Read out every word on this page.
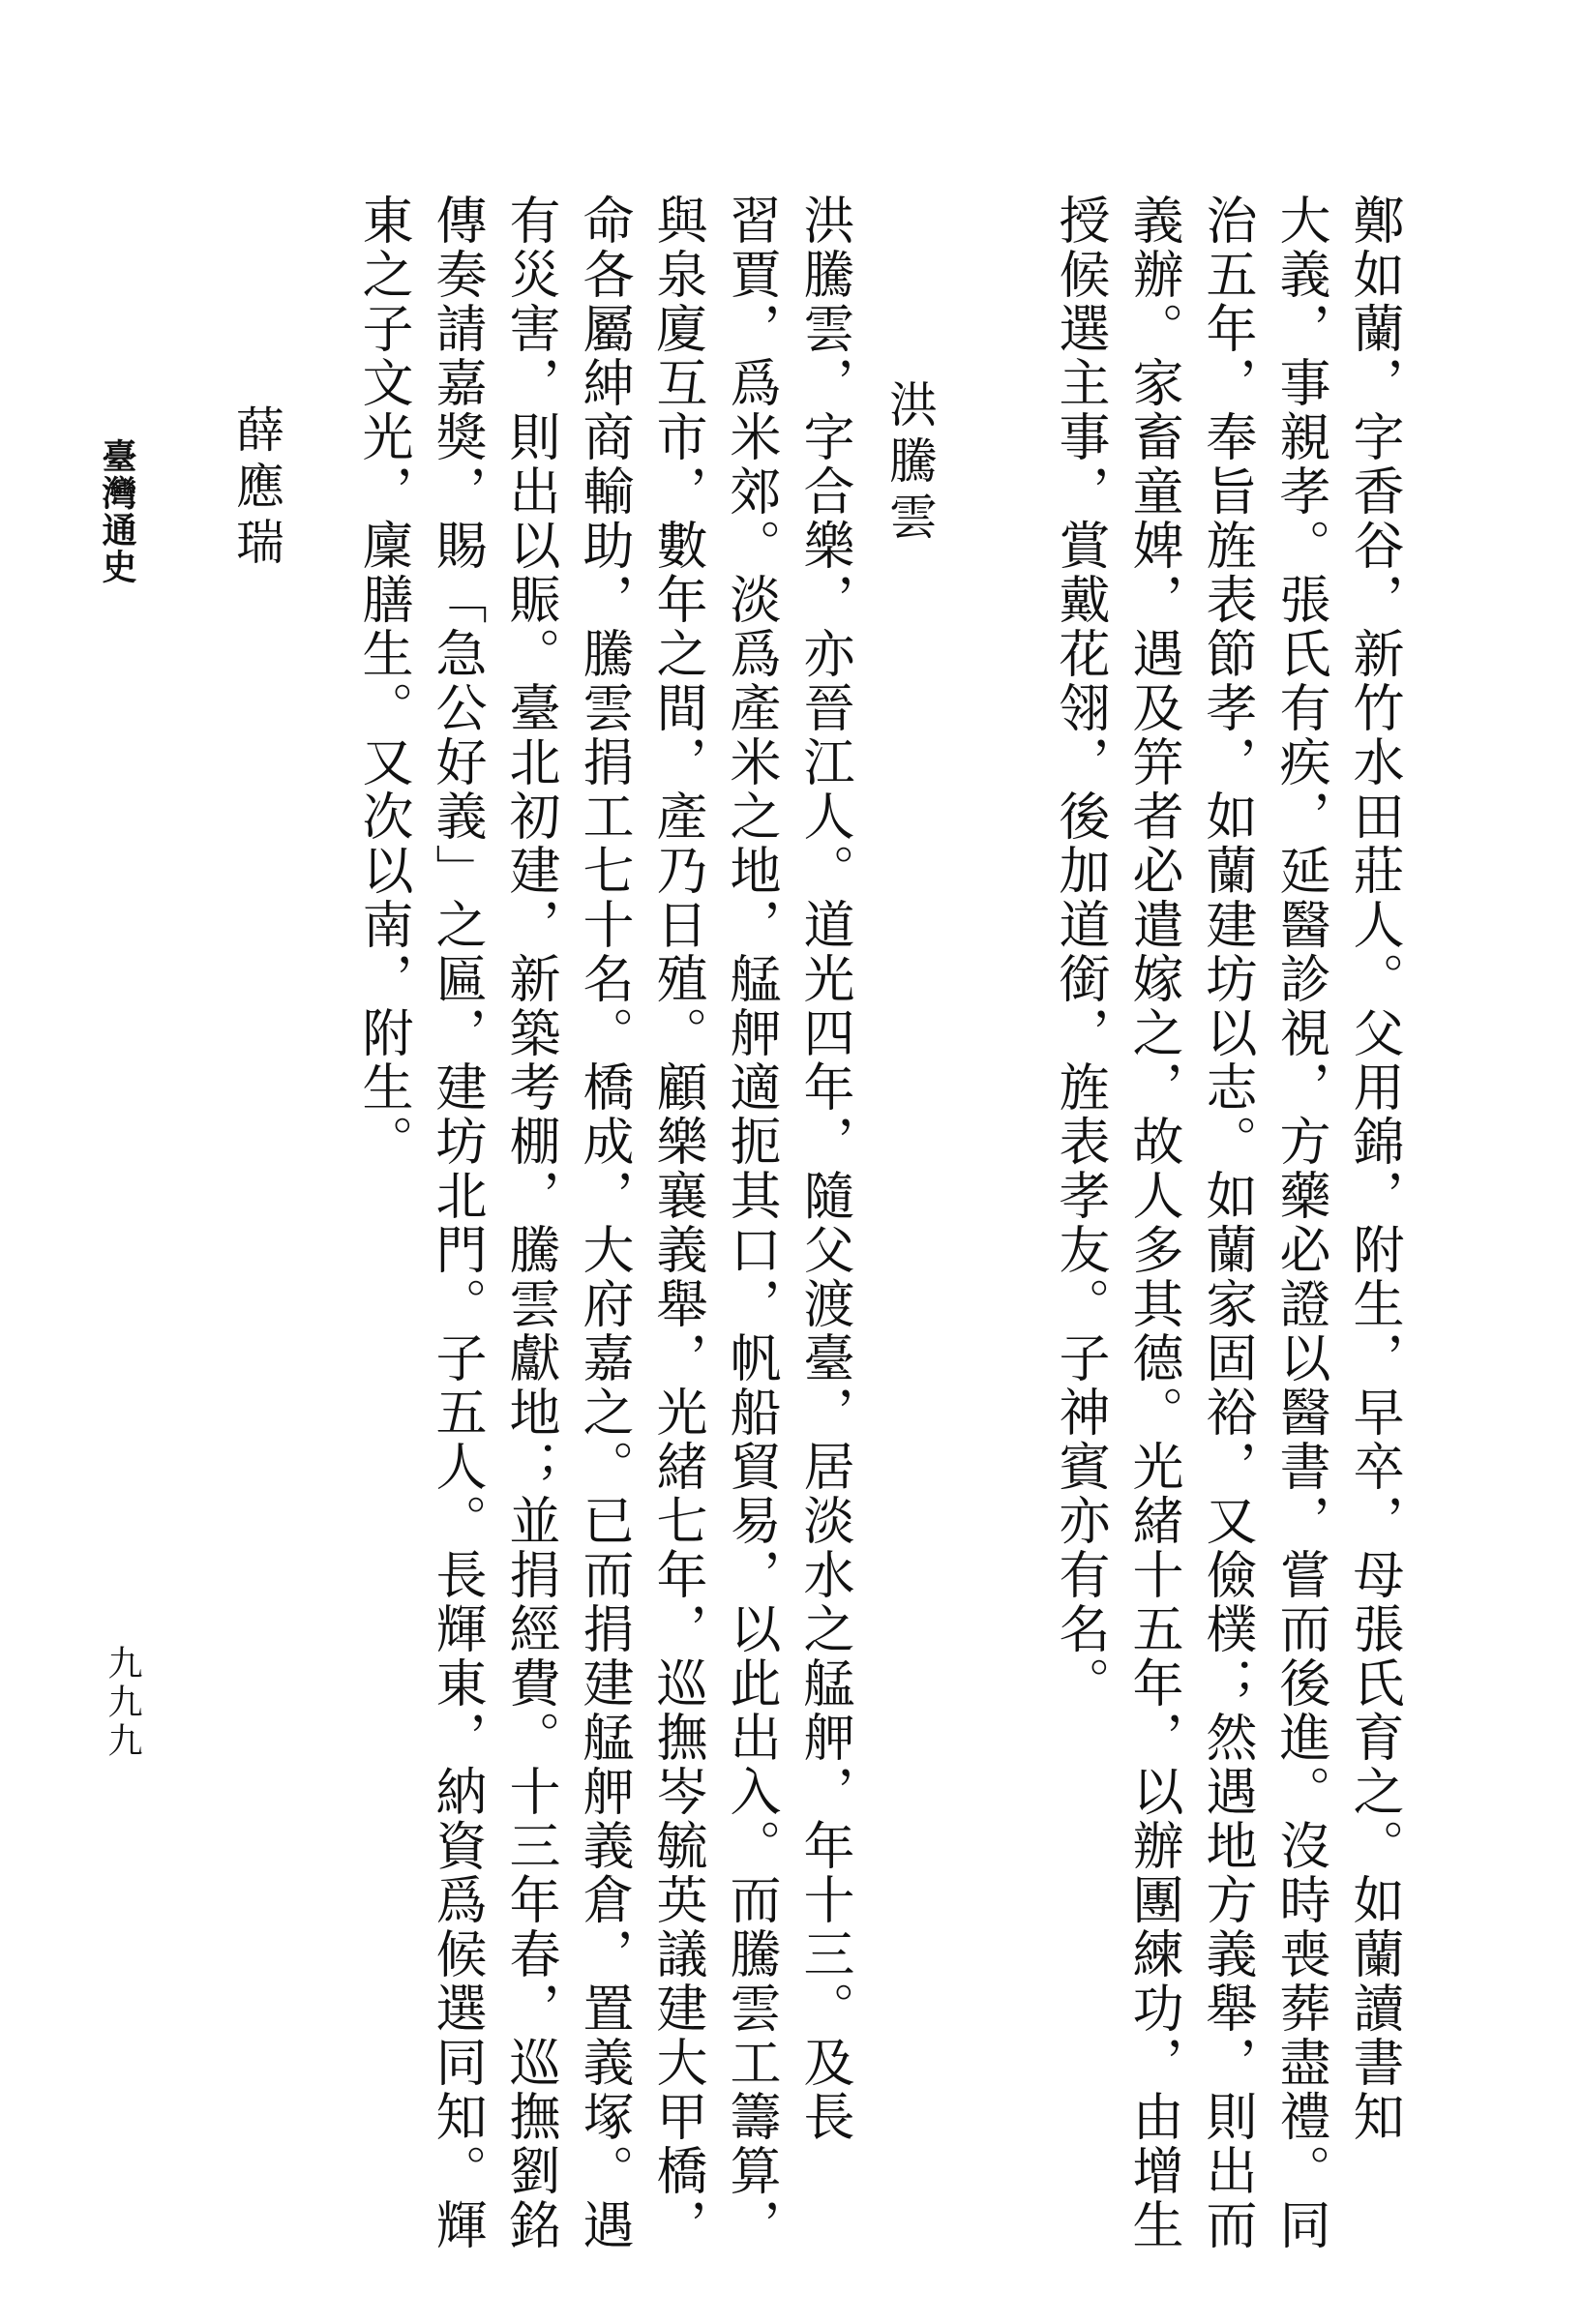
臺灣通史
九九九	鄭如蘭，字香谷，新竹水田莊人。父用錦，附生，早卒，母張氏育之。如蘭讀書知
大義，事親孝。張氏有疾，延醫診視，方藥必證以醫書，嘗而後進。沒時喪葬盡禮。同
治五年，奉旨旌表節孝，如蘭建坊以志。如蘭家固裕，又儉樸；然遇地方義舉，則出而
義辦。家畜童婢，遇及笄者必遣嫁之，故人多其德。光緒十五年，以辦團練功，由增生
授候選主事，賞戴花翎，後加道銜，旌表孝友。子神賓亦有名。
洪騰雲
洪騰雲，字合樂，亦晉江人。道光四年，隨父渡臺，居淡水之艋舺，年十三。及長
習賈，爲米郊。淡爲產米之地，艋舺適扼其口，帆船貿易，以此出入。而騰雲工籌算，
與泉廈互市，數年之間，產乃日殖。顧樂襄義舉，光緒七年，巡撫岑毓英議建大甲橋，
命各屬紳商輸助，騰雲捐工七十名。橋成，大府嘉之。已而捐建艋舺義倉，置義塚。遇
有災害，則出以賑。臺北初建，新築考棚，騰雲獻地；並捐經費。十三年春，巡撫劉銘
傳奏請嘉獎，賜「急公好義」之匾，建坊北門。子五人。長輝東，納資爲候選同知。輝
東之子文光，廩膳生。又次以南，附生。
薛應瑞
